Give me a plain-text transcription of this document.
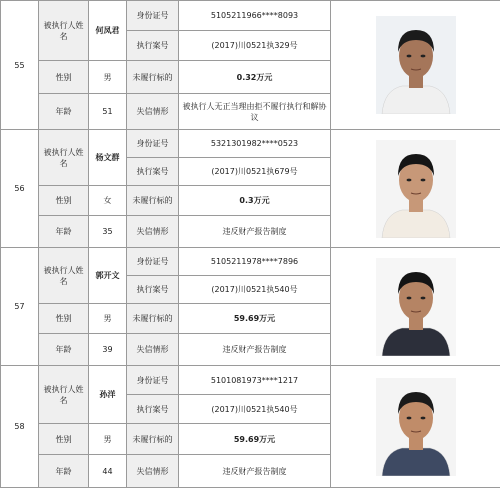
55	被执行人姓名	何凤君	身份证号	5105211966****8093	

			执行案号	(2017)川0521执329号	
	性别	男	未履行标的	0.32万元	
	年龄	51	失信情形	被执行人无正当理由拒不履行执行和解协议	
56	被执行人姓名	杨文群	身份证号	5321301982****0523	

			执行案号	(2017)川0521执679号	
	性别	女	未履行标的	0.3万元	
	年龄	35	失信情形	违反财产报告制度	
57	被执行人姓名	郭开文	身份证号	5105211978****7896	

			执行案号	(2017)川0521执540号	
	性别	男	未履行标的	59.69万元	
	年龄	39	失信情形	违反财产报告制度	
58	被执行人姓名	孙洋	身份证号	5101081973****1217	

			执行案号	(2017)川0521执540号	
	性别	男	未履行标的	59.69万元	
	年龄	44	失信情形	违反财产报告制度	
